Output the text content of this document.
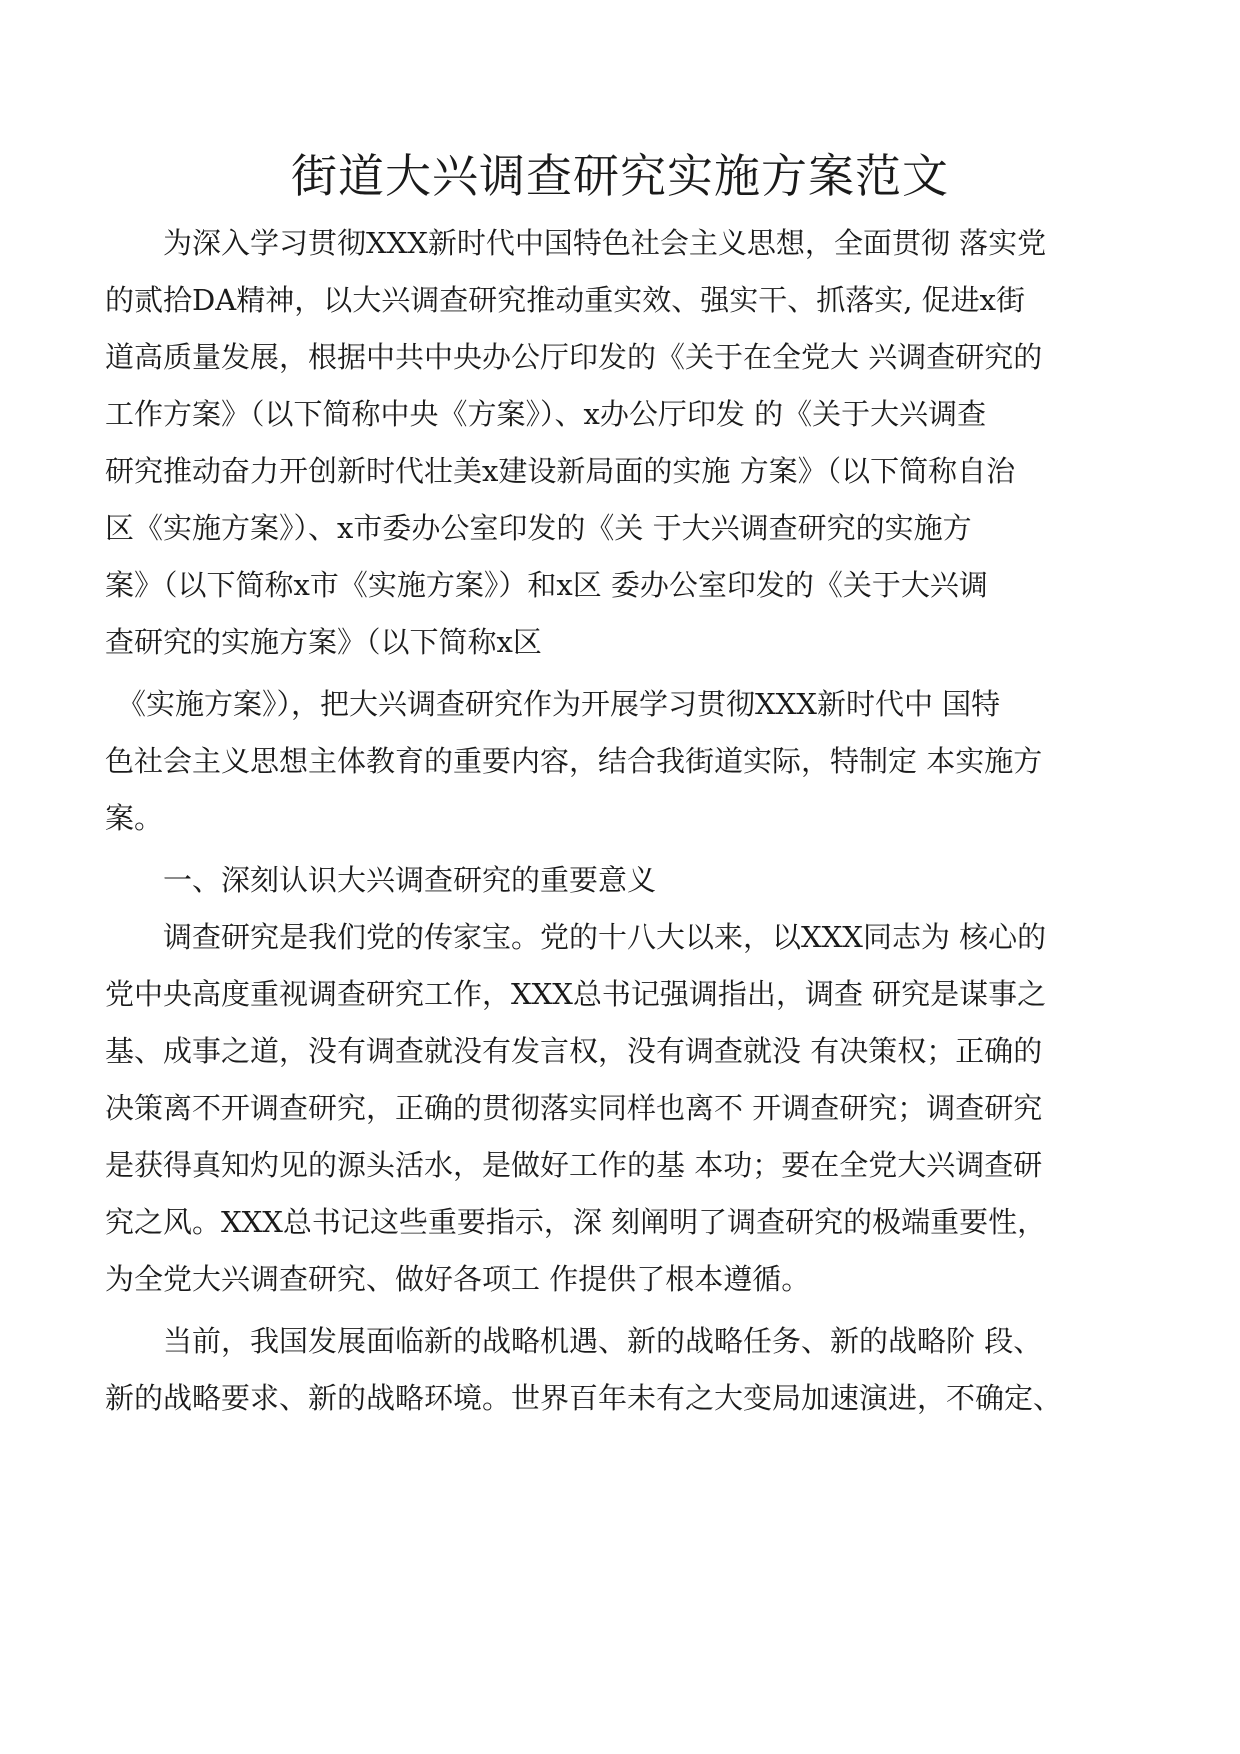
街道大兴调查研究实施方案范文

为深入学习贯彻XXX新时代中国特色社会主义思想，全面贯彻 落实党

的贰拾DA精神，以大兴调查研究推动重实效、强实干、抓落实, 促进x街

道高质量发展，根据中共中央办公厅印发的《关于在全党大 兴调查研究的

工作方案》（以下简称中央《方案》）、x办公厅印发 的《关于大兴调查

研究推动奋力开创新时代壮美x建设新局面的实施 方案》（以下简称自治

区《实施方案》）、x市委办公室印发的《关 于大兴调查研究的实施方

案》（以下简称x市《实施方案》）和x区 委办公室印发的《关于大兴调

查研究的实施方案》（以下简称x区

《实施方案》），把大兴调查研究作为开展学习贯彻XXX新时代中 国特

色社会主义思想主体教育的重要内容，结合我街道实际，特制定 本实施方

案。

一、深刻认识大兴调查研究的重要意义

调查研究是我们党的传家宝。党的十八大以来，以XXX同志为 核心的

党中央高度重视调查研究工作，XXX总书记强调指出，调查 研究是谋事之

基、成事之道，没有调查就没有发言权，没有调查就没 有决策权；正确的

决策离不开调查研究，正确的贯彻落实同样也离不 开调查研究；调查研究

是获得真知灼见的源头活水，是做好工作的基 本功；要在全党大兴调查研

究之风。XXX总书记这些重要指示，深 刻阐明了调查研究的极端重要性，

为全党大兴调查研究、做好各项工 作提供了根本遵循。

当前，我国发展面临新的战略机遇、新的战略任务、新的战略阶 段、

新的战略要求、新的战略环境。世界百年未有之大变局加速演进，不确定、
